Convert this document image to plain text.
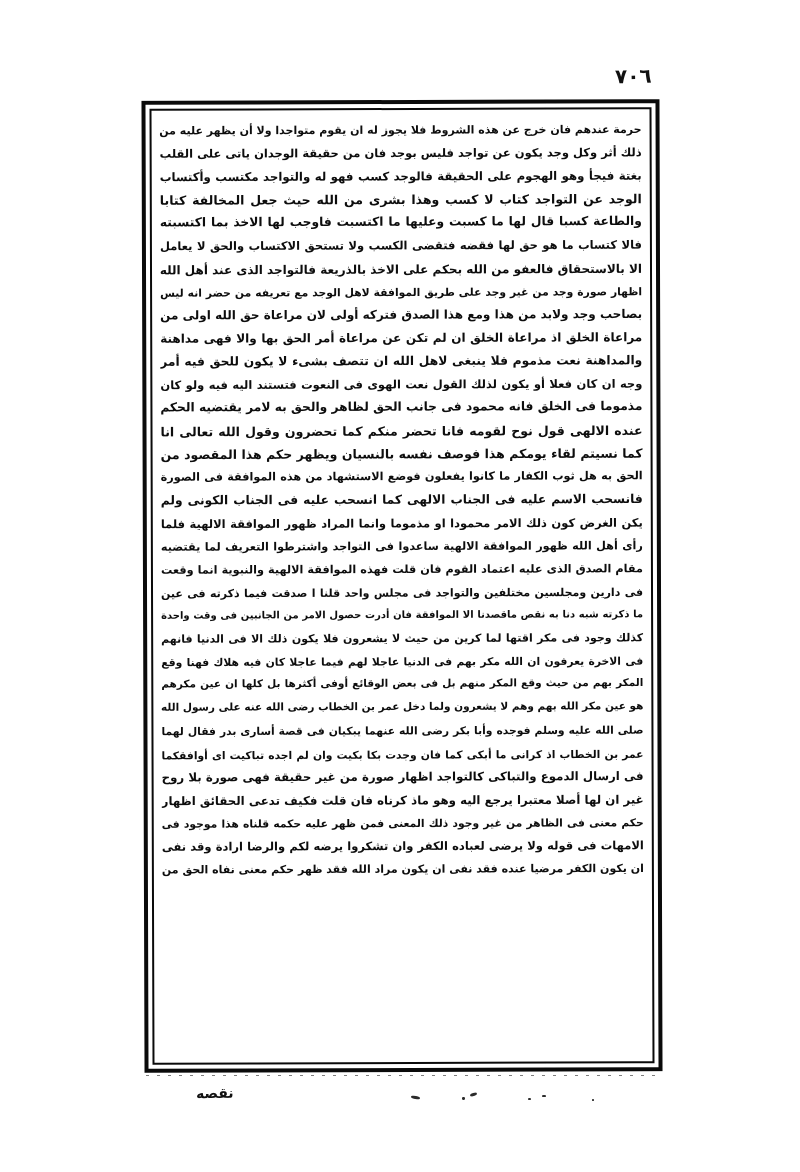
٧٠٦
حرمة عندهم فان خرج عن هذه الشروط فلا يجوز له ان يقوم متواجدا ولا أن يظهر عليه من
ذلك أثر وكل وجد يكون عن تواجد فليس بوجد فان من حقيقة الوجدان ياتى على القلب
بغتة فيجأ وهو الهجوم على الحقيقة فالوجد كسب فهو له والتواجد مكتسب وأكتساب
الوجد عن التواجد كتاب لا كسب وهذا بشرى من الله حيث جعل المخالفة كتابا
والطاعة كسبا قال لها ما كسبت وعليها ما اكتسبت فاوجب لها الاخذ بما اكتسبته
فالا كتساب ما هو حق لها فقضه فتقضى الكسب ولا تستحق الاكتساب والحق لا يعامل
الا بالاستحقاق فالعفو من الله بحكم على الاخذ بالذريعة فالتواجد الذى عند أهل الله
اظهار صورة وجد من غير وجد على طريق الموافقة لاهل الوجد مع تعريفه من حضر انه ليس
بصاحب وجد ولابد من هذا ومع هذا الصدق فتركه أولى لان مراعاة حق الله اولى من
مراعاة الخلق اذ مراعاة الخلق ان لم تكن عن مراعاة أمر الحق بها والا فهى مداهنة
والمداهنة نعت مذموم فلا ينبغى لاهل الله ان تتصف بشىء لا يكون للحق فيه أمر
وجه ان كان فعلا أو يكون لذلك القول نعت الهوى فى النعوت فتستند اليه فيه ولو كان
مذموما فى الخلق فانه محمود فى جانب الحق لظاهر والحق به لامر يقتضيه الحكم
عنده الالهى قول نوح لقومه فانا تحضر منكم كما تحضرون وقول الله تعالى انا
كما نسيتم لقاء يومكم هذا فوصف نفسه بالنسيان ويظهر حكم هذا المقصود من
الحق به هل ثوب الكفار ما كانوا يفعلون فوضع الاستشهاد من هذه الموافقة فى الصورة
فانسحب الاسم عليه فى الجناب الالهى كما انسحب عليه فى الجناب الكونى ولم
يكن الغرض كون ذلك الامر محمودا او مذموما وانما المراد ظهور الموافقة الالهية فلما
رأى أهل الله ظهور الموافقة الالهية ساعدوا فى التواجد واشترطوا التعريف لما يقتضيه
مقام الصدق الذى عليه اعتماد القوم فان قلت فهذه الموافقة الالهية والنبوية انما وقعت
فى دارين ومجلسين مختلفين والتواجد فى مجلس واحد قلنا ا صدقت فيما ذكرته فى عين
ما ذكرته شبه دنا به نقص ماقصدنا الا الموافقة فان أدرت حصول الامر من الجانبين فى وقت واحدة
كذلك وجود فى مكر اقتها لما كرين من حيث لا يشعرون فلا يكون ذلك الا فى الدنيا فانهم
فى الاخرة يعرفون ان الله مكر بهم فى الدنيا عاجلا لهم فيما عاجلا كان فيه هلاك فهنا وقع
المكر بهم من حيث وقع المكر منهم بل فى بعض الوقائع أوفى أكثرها بل كلها ان عين مكرهم
هو عين مكر الله بهم وهم لا يشعرون ولما دخل عمر بن الخطاب رضى الله عنه على رسول الله
صلى الله عليه وسلم فوجده وأبا بكر رضى الله عنهما يبكيان فى قصة أسارى بدر فقال لهما
عمر بن الخطاب اذ كرانى ما أبكى كما فان وجدت بكا بكيت وان لم اجده تباكيت اى أوافقكما
فى ارسال الدموع والتباكى كالتواجد اظهار صورة من غير حقيقة فهى صورة بلا روح
غير ان لها أصلا معتبرا يرجع اليه وهو ماذ كرناه فان قلت فكيف تدعى الحقائق اظهار
حكم معنى فى الظاهر من غير وجود ذلك المعنى فمن ظهر عليه حكمه قلناه هذا موجود فى
الامهات فى قوله ولا يرضى لعباده الكفر وان تشكروا يرضه لكم والرضا ارادة وقد نفى
ان يكون الكفر مرضيا عنده فقد نفى ان يكون مراد الله فقد ظهر حكم معنى نفاه الحق من
نقصه
